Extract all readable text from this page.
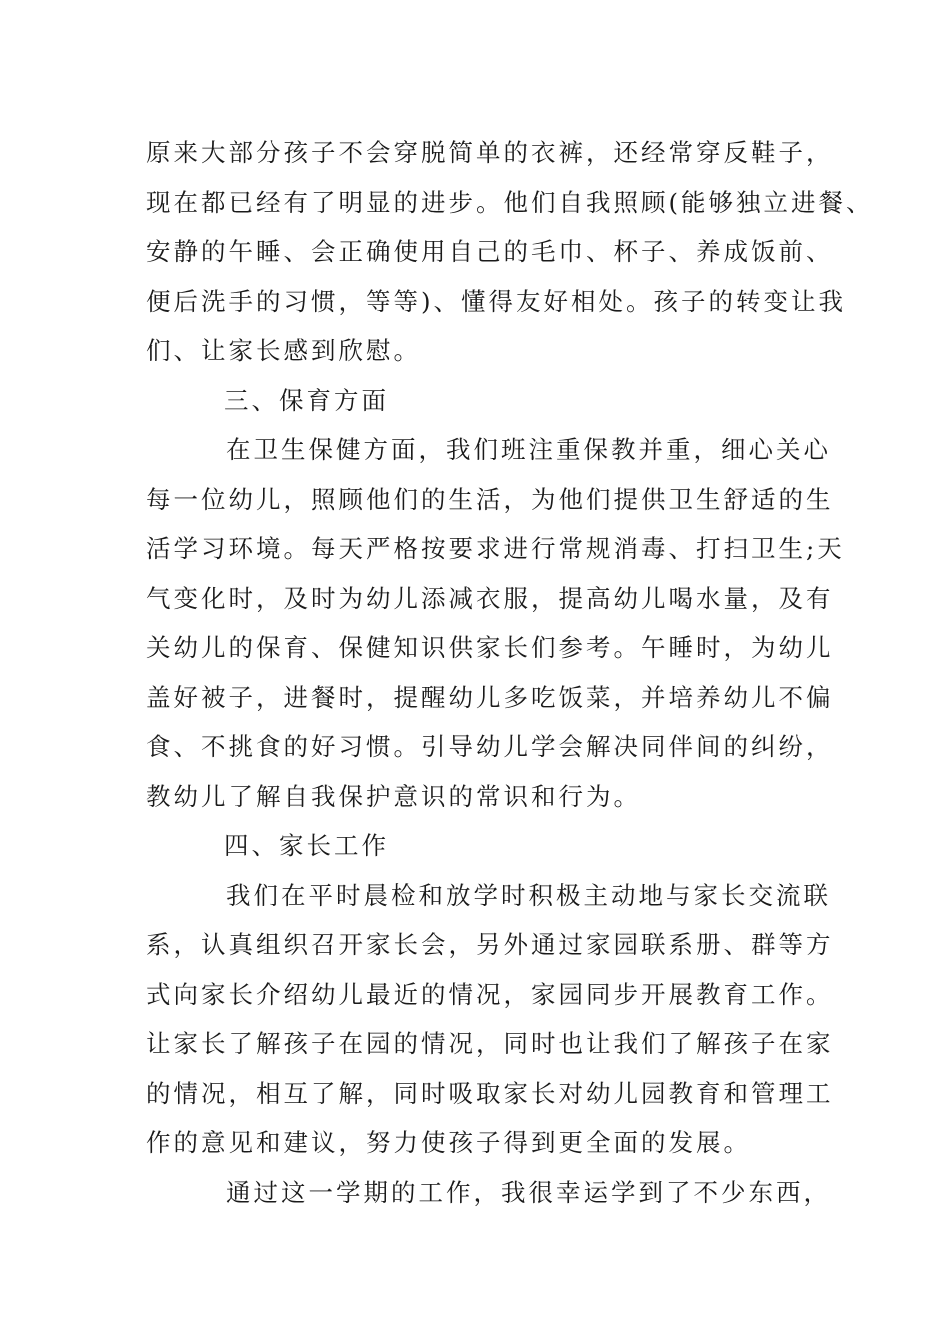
原来大部分孩子不会穿脱简单的衣裤，还经常穿反鞋子，
现在都已经有了明显的进步。他们自我照顾(能够独立进餐、
安静的午睡、会正确使用自己的毛巾、杯子、养成饭前、
便后洗手的习惯，等等)、懂得友好相处。孩子的转变让我
们、让家长感到欣慰。
三、保育方面
在卫生保健方面，我们班注重保教并重，细心关心
每一位幼儿，照顾他们的生活，为他们提供卫生舒适的生
活学习环境。每天严格按要求进行常规消毒、打扫卫生;天
气变化时，及时为幼儿添减衣服，提高幼儿喝水量，及有
关幼儿的保育、保健知识供家长们参考。午睡时，为幼儿
盖好被子，进餐时，提醒幼儿多吃饭菜，并培养幼儿不偏
食、不挑食的好习惯。引导幼儿学会解决同伴间的纠纷，
教幼儿了解自我保护意识的常识和行为。
四、家长工作
我们在平时晨检和放学时积极主动地与家长交流联
系，认真组织召开家长会，另外通过家园联系册、群等方
式向家长介绍幼儿最近的情况，家园同步开展教育工作。
让家长了解孩子在园的情况，同时也让我们了解孩子在家
的情况，相互了解，同时吸取家长对幼儿园教育和管理工
作的意见和建议，努力使孩子得到更全面的发展。
通过这一学期的工作，我很幸运学到了不少东西，
